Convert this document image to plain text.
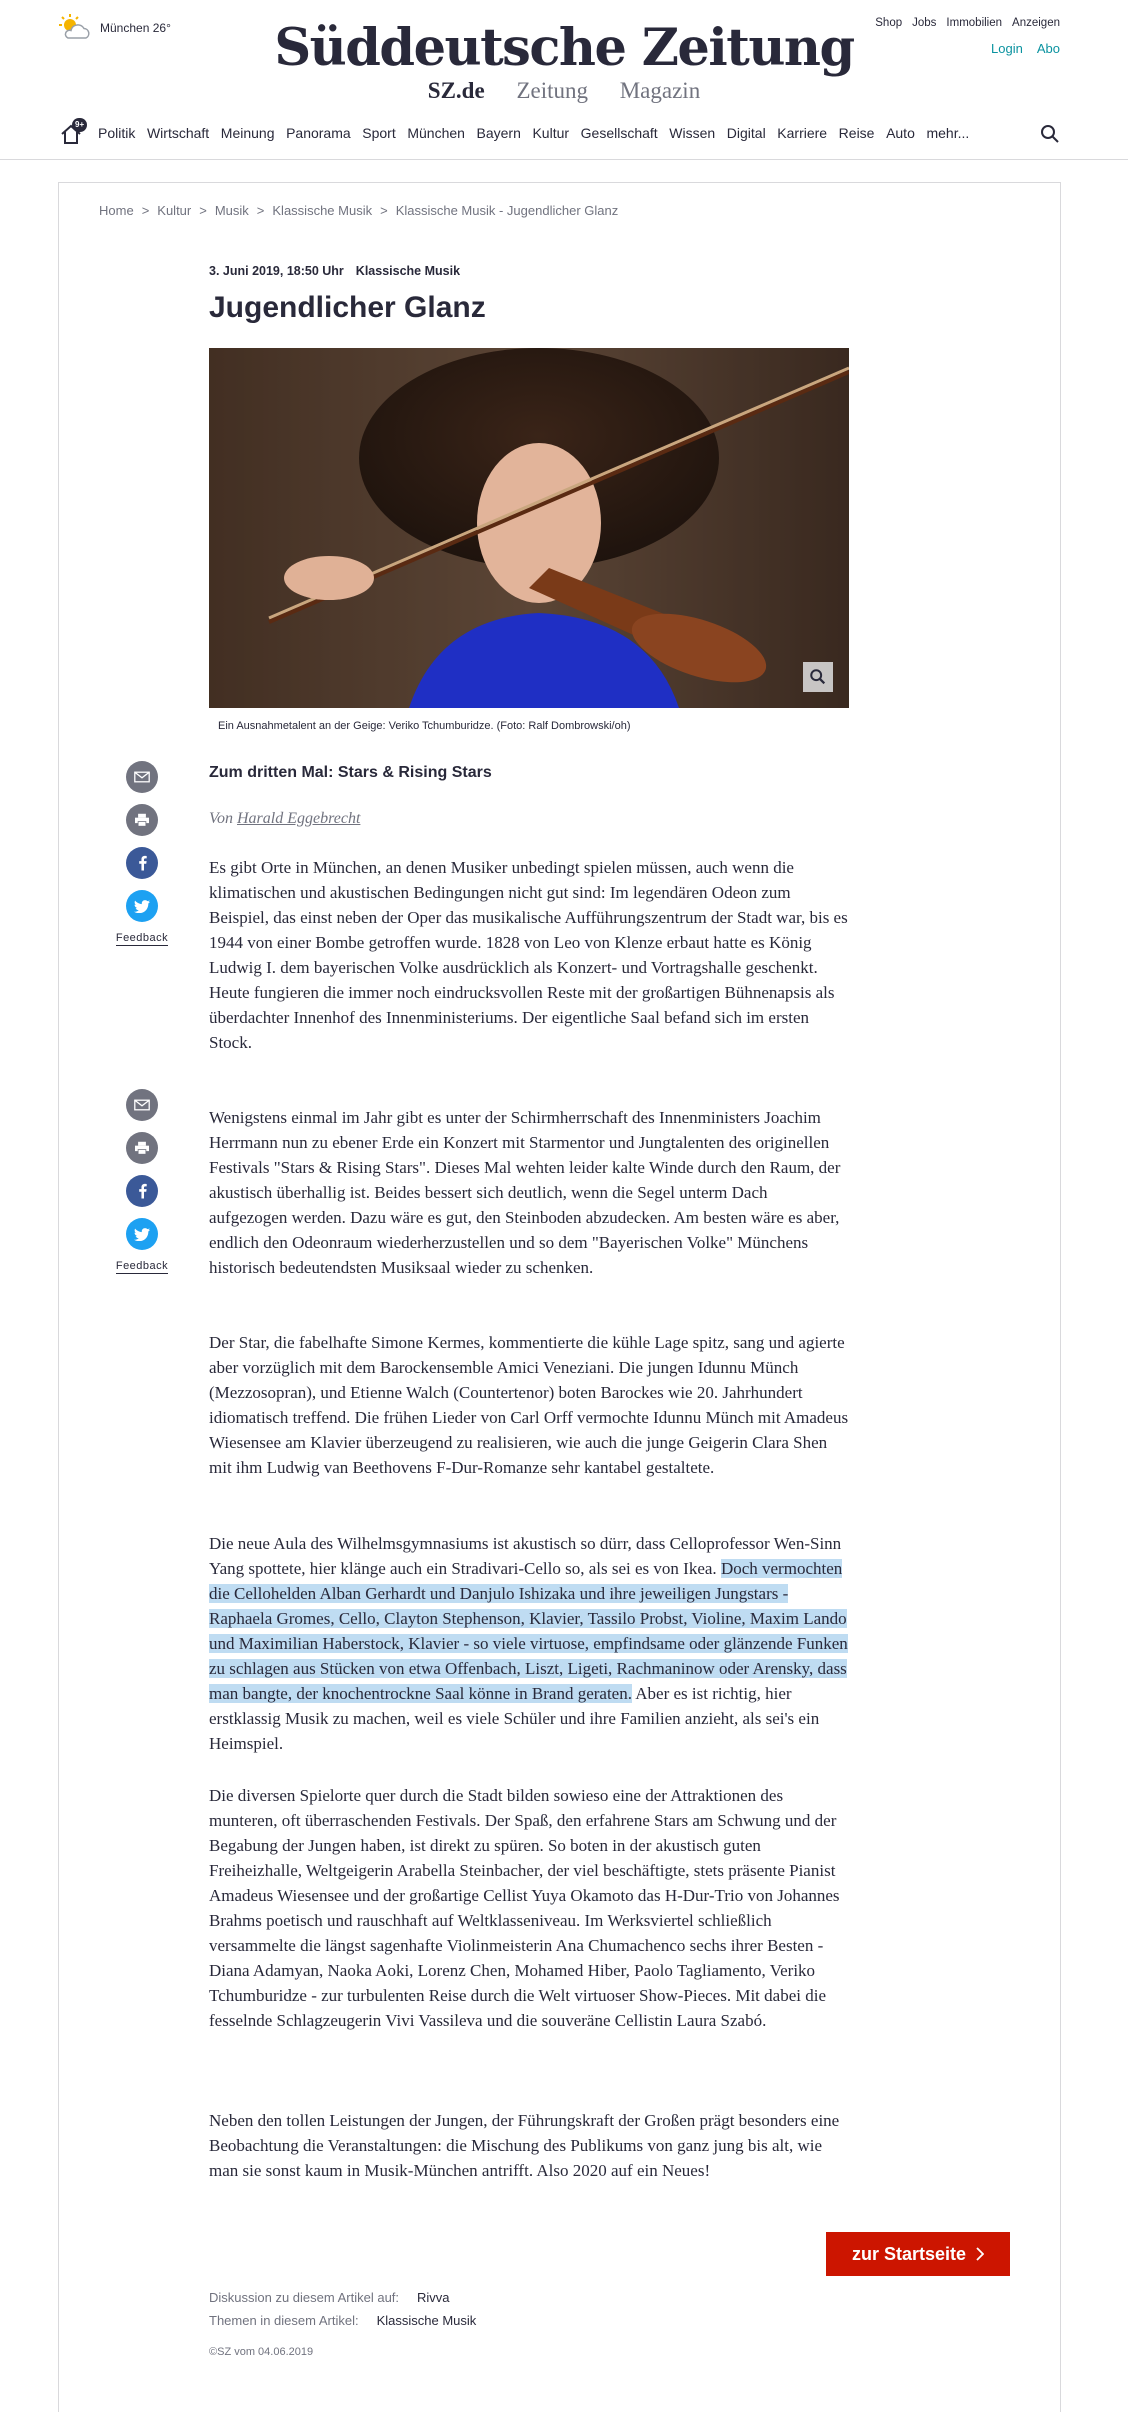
München 26°	Süddeutsche Zeitung
SZ.de Zeitung Magazin
Shop Jobs Immobilien Anzeigen
Login Abo
9+
Politik Wirtschaft Meinung Panorama Sport München Bayern Kultur Gesellschaft Wissen Digital Karriere Reise Auto mehr...
Home > Kultur > Musik > Klassische Musik > Klassische Musik - Jugendlicher Glanz
3. Juni 2019, 18:50 Uhr Klassische Musik
Jugendlicher Glanz
Ein Ausnahmetalent an der Geige: Veriko Tchumburidze. (Foto: Ralf Dombrowski/oh)
Feedback
Feedback
Zum dritten Mal: Stars & Rising Stars
Von Harald Eggebrecht

Es gibt Orte in München, an denen Musiker unbedingt spielen müssen, auch wenn die klimatischen und akustischen Bedingungen nicht gut sind: Im legendären Odeon zum Beispiel, das einst neben der Oper das musikalische Aufführungszentrum der Stadt war, bis es 1944 von einer Bombe getroffen wurde. 1828 von Leo von Klenze erbaut hatte es König Ludwig I. dem bayerischen Volke ausdrücklich als Konzert- und Vortragshalle geschenkt. Heute fungieren die immer noch eindrucksvollen Reste mit der großartigen Bühnenapsis als überdachter Innenhof des Innenministeriums. Der eigentliche Saal befand sich im ersten Stock.

Wenigstens einmal im Jahr gibt es unter der Schirmherrschaft des Innenministers Joachim Herrmann nun zu ebener Erde ein Konzert mit Starmentor und Jungtalenten des originellen Festivals "Stars & Rising Stars". Dieses Mal wehten leider kalte Winde durch den Raum, der akustisch überhallig ist. Beides bessert sich deutlich, wenn die Segel unterm Dach aufgezogen werden. Dazu wäre es gut, den Steinboden abzudecken. Am besten wäre es aber, endlich den Odeonraum wiederherzustellen und so dem "Bayerischen Volke" Münchens historisch bedeutendsten Musiksaal wieder zu schenken.

Der Star, die fabelhafte Simone Kermes, kommentierte die kühle Lage spitz, sang und agierte aber vorzüglich mit dem Barockensemble Amici Veneziani. Die jungen Idunnu Münch (Mezzosopran), und Etienne Walch (Countertenor) boten Barockes wie 20. Jahrhundert idiomatisch treffend. Die frühen Lieder von Carl Orff vermochte Idunnu Münch mit Amadeus Wiesensee am Klavier überzeugend zu realisieren, wie auch die junge Geigerin Clara Shen mit ihm Ludwig van Beethovens F-Dur-Romanze sehr kantabel gestaltete.

Die neue Aula des Wilhelmsgymnasiums ist akustisch so dürr, dass Celloprofessor Wen-Sinn Yang spottete, hier klänge auch ein Stradivari-Cello so, als sei es von Ikea. Doch vermochten die Cellohelden Alban Gerhardt und Danjulo Ishizaka und ihre jeweiligen Jungstars - Raphaela Gromes, Cello, Clayton Stephenson, Klavier, Tassilo Probst, Violine, Maxim Lando und Maximilian Haberstock, Klavier - so viele virtuose, empfindsame oder glänzende Funken zu schlagen aus Stücken von etwa Offenbach, Liszt, Ligeti, Rachmaninow oder Arensky, dass man bangte, der knochentrockne Saal könne in Brand geraten. Aber es ist richtig, hier erstklassig Musik zu machen, weil es viele Schüler und ihre Familien anzieht, als sei's ein Heimspiel.

Die diversen Spielorte quer durch die Stadt bilden sowieso eine der Attraktionen des munteren, oft überraschenden Festivals. Der Spaß, den erfahrene Stars am Schwung und der Begabung der Jungen haben, ist direkt zu spüren. So boten in der akustisch guten Freiheizhalle, Weltgeigerin Arabella Steinbacher, der viel beschäftigte, stets präsente Pianist Amadeus Wiesensee und der großartige Cellist Yuya Okamoto das H-Dur-Trio von Johannes Brahms poetisch und rauschhaft auf Weltklasseniveau. Im Werksviertel schließlich versammelte die längst sagenhafte Violinmeisterin Ana Chumachenco sechs ihrer Besten - Diana Adamyan, Naoka Aoki, Lorenz Chen, Mohamed Hiber, Paolo Tagliamento, Veriko Tchumburidze - zur turbulenten Reise durch die Welt virtuoser Show-Pieces. Mit dabei die fesselnde Schlagzeugerin Vivi Vassileva und die souveräne Cellistin Laura Szabó.

Neben den tollen Leistungen der Jungen, der Führungskraft der Großen prägt besonders eine Beobachtung die Veranstaltungen: die Mischung des Publikums von ganz jung bis alt, wie man sie sonst kaum in Musik-München antrifft. Also 2020 auf ein Neues!

zur Startseite
Diskussion zu diesem Artikel auf: Rivva
Themen in diesem Artikel: Klassische Musik
©SZ vom 04.06.2019
